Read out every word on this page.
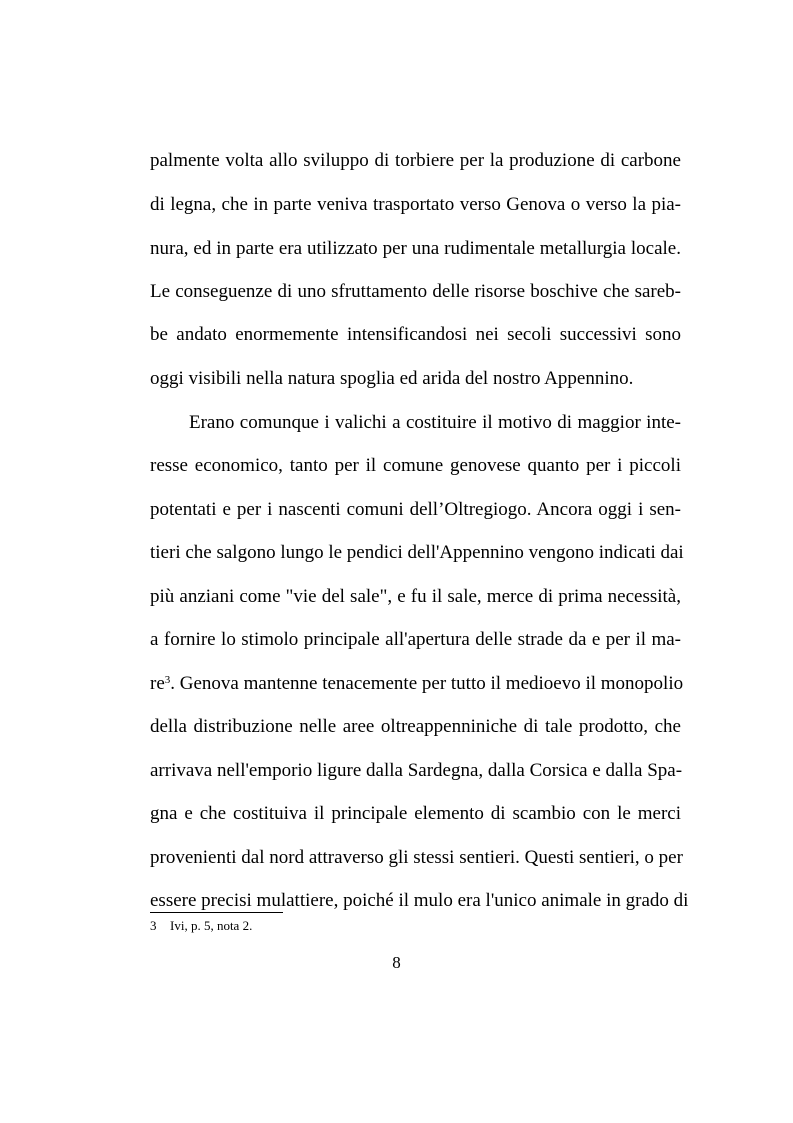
palmente volta allo sviluppo di torbiere per la produzione di carbone
di legna, che in parte veniva trasportato verso Genova o verso la pia-
nura, ed in parte era utilizzato per una rudimentale metallurgia locale.
Le conseguenze di uno sfruttamento delle risorse boschive che sareb-
be andato enormemente intensificandosi nei secoli successivi sono
oggi visibili nella natura spoglia ed arida del nostro Appennino.
Erano comunque i valichi a costituire il motivo di maggior inte-
resse economico, tanto per il comune genovese quanto per i piccoli
potentati e per i nascenti comuni dell’Oltregiogo. Ancora oggi i sen-
tieri che salgono lungo le pendici dell'Appennino vengono indicati dai
più anziani come "vie del sale", e fu il sale, merce di prima necessità,
a fornire lo stimolo principale all'apertura delle strade da e per il ma-
$re^3$. Genova mantenne tenacemente per tutto il medioevo il monopolio
della distribuzione nelle aree oltreappenniniche di tale prodotto, che
arrivava nell'emporio ligure dalla Sardegna, dalla Corsica e dalla Spa-
gna e che costituiva il principale elemento di scambio con le merci
provenienti dal nord attraverso gli stessi sentieri. Questi sentieri, o per
essere precisi mulattiere, poiché il mulo era l'unico animale in grado di
3 Ivi, p. 5, nota 2.
8
